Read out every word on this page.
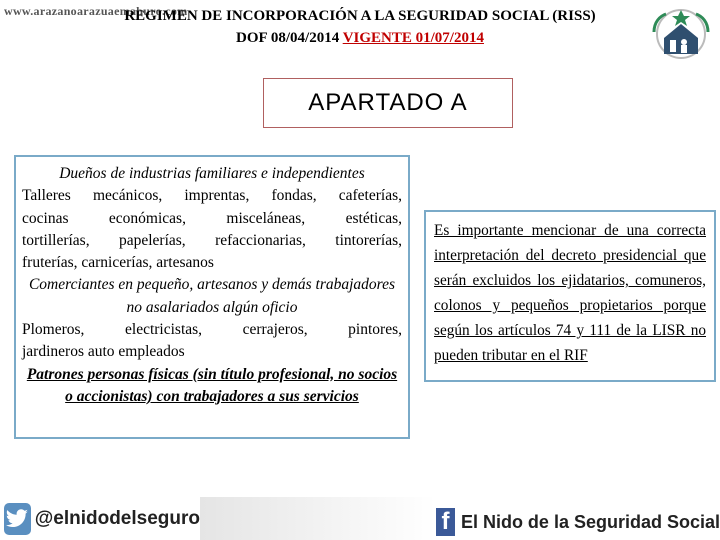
www.arazanoarazuaemaburo.com
REGIMEN DE INCORPORACIÓN A LA SEGURIDAD SOCIAL (RISS)
DOF 08/04/2014 VIGENTE 01/07/2014
APARTADO A

Dueños de industrias familiares e independientes

Talleres mecánicos, imprentas, fondas, cafeterías,

cocinas económicas, misceláneas, estéticas,

tortillerías, papelerías, refaccionarias, tintorerías,

fruterías, carnicerías, artesanos

Comerciantes en pequeño, artesanos y demás trabajadores no asalariados algún oficio

Plomeros, electricistas, cerrajeros, pintores,

jardineros auto empleados

Patrones personas físicas (sin título profesional, no socios o accionistas) con trabajadores a sus servicios

Es importante mencionar de una correcta interpretación del decreto presidencial que serán excluidos los ejidatarios, comuneros, colonos y pequeños propietarios porque según los artículos 74 y 111 de la LISR no pueden tributar en el RIF
@elnidodelseguro	f El Nido de la Seguridad Social
